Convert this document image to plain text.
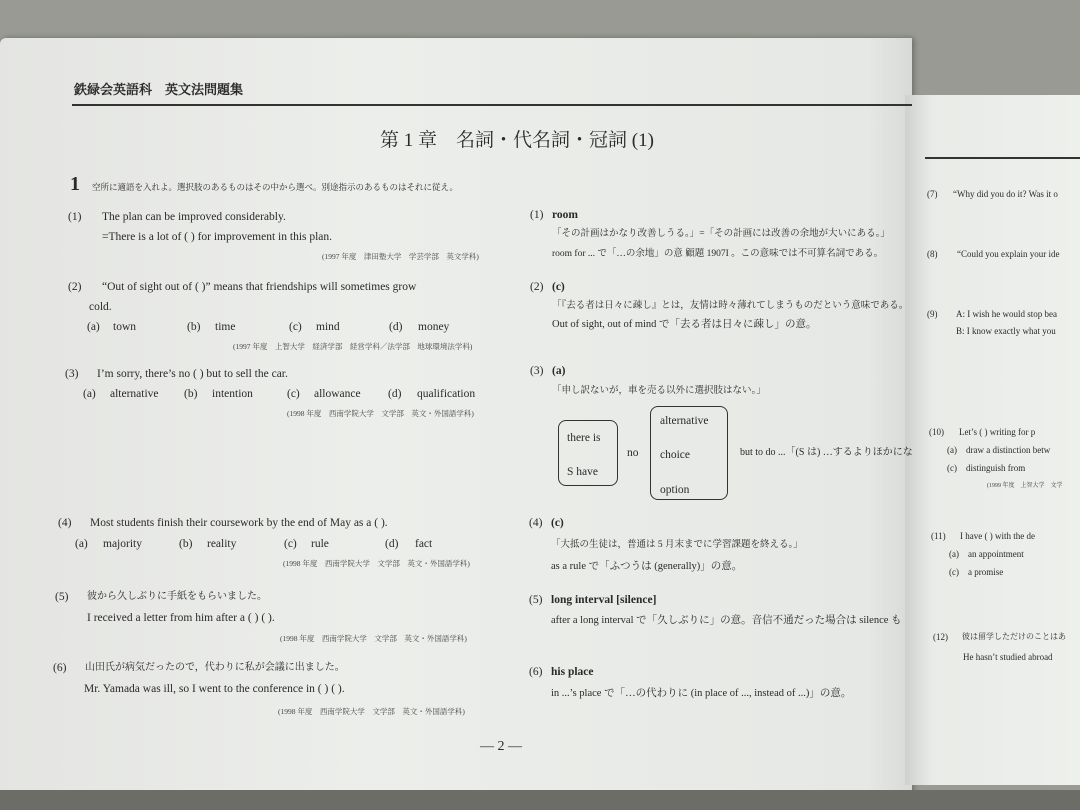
鉄緑会英語科　英文法問題集
第 1 章　名詞・代名詞・冠詞 (1)
1 空所に適語を入れよ。選択肢のあるものはその中から選べ。別途指示のあるものはそれに従え。
(1) The plan can be improved considerably.
=There is a lot of ( ) for improvement in this plan.
(1997 年度　津田塾大学　学芸学部　英文学科)
(2) “Out of sight out of ( )” means that friendships will sometimes grow
cold.
(a) town	(b) time	(c) mind	(d) money
(1997 年度　上智大学　経済学部　経営学科／法学部　地球環境法学科)
(3) I’m sorry, there’s no ( ) but to sell the car.
(a) alternative (b) intention	(c) allowance (d) qualification
(1998 年度　西南学院大学　文学部　英文・外国語学科)
(4) Most students finish their coursework by the end of May as a ( ).
(a) majority	(b) reality	(c) rule	(d) fact
(1998 年度　西南学院大学　文学部　英文・外国語学科)
(5) 彼から久しぶりに手紙をもらいました。
I received a letter from him after a ( ) ( ).
(1998 年度　西南学院大学　文学部　英文・外国語学科)
(6) 山田氏が病気だったので，代わりに私が会議に出ました。
Mr. Yamada was ill, so I went to the conference in ( ) ( ).
(1998 年度　西南学院大学　文学部　英文・外国語学科)
(1) room
「その計画はかなり改善しうる。」=「その計画には改善の余地が大いにある。」
room for ... で「…の余地」の意 顧題 1907I 。この意味では不可算名詞である。
(2) (c)
「『去る者は日々に疎し』とは，友情は時々薄れてしまうものだという意味である。
Out of sight, out of mind で「去る者は日々に疎し」の意。
(3) (a)
「申し訳ないが，車を売る以外に選択肢はない。」
there is
S have
no
alternative
choice
option
but to do ...「(S は) …するよりほかにな
(4) (c)
「大抵の生徒は，普通は 5 月末までに学習課題を終える。」
as a rule で「ふつうは (generally)」の意。
(5) long interval [silence]
after a long interval で「久しぶりに」の意。音信不通だった場合は silence も
(6) his place
in ...’s place で「…の代わりに (in place of ..., instead of ...)」の意。
— 2 —
(7) “Why did you do it? Was it o
(8) “Could you explain your ide
(9) A: I wish he would stop bea
B: I know exactly what you
(10) Let’s ( ) writing for p
(a)　draw a distinction betw
(c)　distinguish from
(1999 年度　上智大学　文学
(11) I have ( ) with the de
(a)　an appointment
(c)　a promise
(12) 彼は留学しただけのことはあ
He hasn’t studied abroad
